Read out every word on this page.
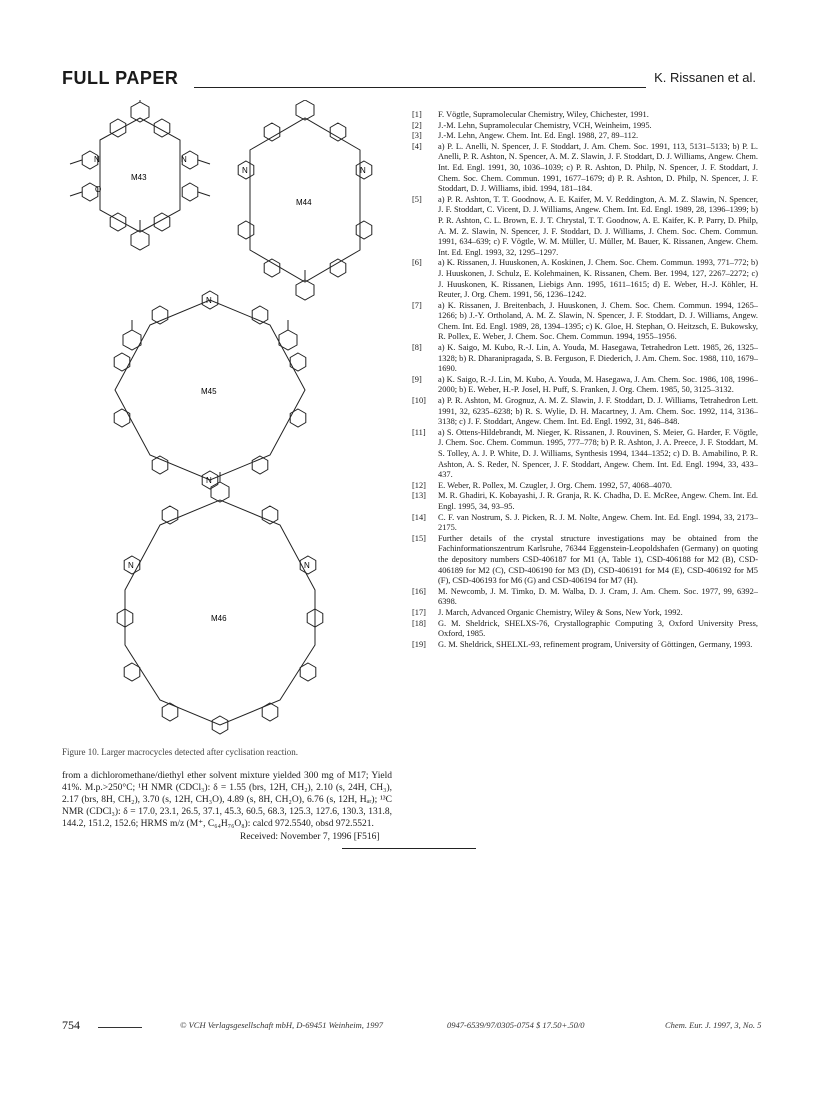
FULL PAPER	K. Rissanen et al.
N	N
O
M43
N	N
M44
N
N
M45
N	N
M46
Figure 10. Larger macrocycles detected after cyclisation reaction.
from a dichloromethane/diethyl ether solvent mixture yielded 300 mg of M17; Yield 41%. M.p.>250°C; ¹H NMR (CDCl₃): δ = 1.55 (brs, 12H, CH₂), 2.10 (s, 24H, CH₃), 2.17 (brs, 8H, CH₂), 3.70 (s, 12H, CH₃O), 4.89 (s, 8H, CH₂O), 6.76 (s, 12H, Hₐᵣ); ¹³C NMR (CDCl₃): δ = 17.0, 23.1, 26.5, 37.1, 45.3, 60.5, 68.3, 125.3, 127.6, 130.3, 131.8, 144.2, 151.2, 152.6; HRMS m/z (M⁺, C₆₄H₇₆O₈): calcd 972.5540, obsd 972.5521.
Received: November 7, 1996 [F516]
[1]	F. Vögtle, Supramolecular Chemistry, Wiley, Chichester, 1991.
[2]	J.-M. Lehn, Supramolecular Chemistry, VCH, Weinheim, 1995.
[3]	J.-M. Lehn, Angew. Chem. Int. Ed. Engl. 1988, 27, 89–112.
[4]	a) P. L. Anelli, N. Spencer, J. F. Stoddart, J. Am. Chem. Soc. 1991, 113, 5131–5133; b) P. L. Anelli, P. R. Ashton, N. Spencer, A. M. Z. Slawin, J. F. Stoddart, D. J. Williams, Angew. Chem. Int. Ed. Engl. 1991, 30, 1036–1039; c) P. R. Ashton, D. Philp, N. Spencer, J. F. Stoddart, J. Chem. Soc. Chem. Commun. 1991, 1677–1679; d) P. R. Ashton, D. Philp, N. Spencer, J. F. Stoddart, D. J. Williams, ibid. 1994, 181–184.
[5]	a) P. R. Ashton, T. T. Goodnow, A. E. Kaifer, M. V. Reddington, A. M. Z. Slawin, N. Spencer, J. F. Stoddart, C. Vicent, D. J. Williams, Angew. Chem. Int. Ed. Engl. 1989, 28, 1396–1399; b) P. R. Ashton, C. L. Brown, E. J. T. Chrystal, T. T. Goodnow, A. E. Kaifer, K. P. Parry, D. Philp, A. M. Z. Slawin, N. Spencer, J. F. Stoddart, D. J. Williams, J. Chem. Soc. Chem. Commun. 1991, 634–639; c) F. Vögtle, W. M. Müller, U. Müller, M. Bauer, K. Rissanen, Angew. Chem. Int. Ed. Engl. 1993, 32, 1295–1297.
[6]	a) K. Rissanen, J. Huuskonen, A. Koskinen, J. Chem. Soc. Chem. Commun. 1993, 771–772; b) J. Huuskonen, J. Schulz, E. Kolehmainen, K. Rissanen, Chem. Ber. 1994, 127, 2267–2272; c) J. Huuskonen, K. Rissanen, Liebigs Ann. 1995, 1611–1615; d) E. Weber, H.-J. Köhler, H. Reuter, J. Org. Chem. 1991, 56, 1236–1242.
[7]	a) K. Rissanen, J. Breitenbach, J. Huuskonen, J. Chem. Soc. Chem. Commun. 1994, 1265–1266; b) J.-Y. Ortholand, A. M. Z. Slawin, N. Spencer, J. F. Stoddart, D. J. Williams, Angew. Chem. Int. Ed. Engl. 1989, 28, 1394–1395; c) K. Gloe, H. Stephan, O. Heitzsch, E. Bukowsky, R. Pollex, E. Weber, J. Chem. Soc. Chem. Commun. 1994, 1955–1956.
[8]	a) K. Saigo, M. Kubo, R.-J. Lin, A. Youda, M. Hasegawa, Tetrahedron Lett. 1985, 26, 1325–1328; b) R. Dharanipragada, S. B. Ferguson, F. Diederich, J. Am. Chem. Soc. 1988, 110, 1679–1690.
[9]	a) K. Saigo, R.-J. Lin, M. Kubo, A. Youda, M. Hasegawa, J. Am. Chem. Soc. 1986, 108, 1996–2000; b) E. Weber, H.-P. Josel, H. Puff, S. Franken, J. Org. Chem. 1985, 50, 3125–3132.
[10]	a) P. R. Ashton, M. Grognuz, A. M. Z. Slawin, J. F. Stoddart, D. J. Williams, Tetrahedron Lett. 1991, 32, 6235–6238; b) R. S. Wylie, D. H. Macartney, J. Am. Chem. Soc. 1992, 114, 3136–3138; c) J. F. Stoddart, Angew. Chem. Int. Ed. Engl. 1992, 31, 846–848.
[11]	a) S. Ottens-Hildebrandt, M. Nieger, K. Rissanen, J. Rouvinen, S. Meier, G. Harder, F. Vögtle, J. Chem. Soc. Chem. Commun. 1995, 777–778; b) P. R. Ashton, J. A. Preece, J. F. Stoddart, M. S. Tolley, A. J. P. White, D. J. Williams, Synthesis 1994, 1344–1352; c) D. B. Amabilino, P. R. Ashton, A. S. Reder, N. Spencer, J. F. Stoddart, Angew. Chem. Int. Ed. Engl. 1994, 33, 433–437.
[12]	E. Weber, R. Pollex, M. Czugler, J. Org. Chem. 1992, 57, 4068–4070.
[13]	M. R. Ghadiri, K. Kobayashi, J. R. Granja, R. K. Chadha, D. E. McRee, Angew. Chem. Int. Ed. Engl. 1995, 34, 93–95.
[14]	C. F. van Nostrum, S. J. Picken, R. J. M. Nolte, Angew. Chem. Int. Ed. Engl. 1994, 33, 2173–2175.
[15]	Further details of the crystal structure investigations may be obtained from the Fachinformationszentrum Karlsruhe, 76344 Eggenstein-Leopoldshafen (Germany) on quoting the depository numbers CSD-406187 for M1 (A, Table 1), CSD-406188 for M2 (B), CSD-406189 for M2 (C), CSD-406190 for M3 (D), CSD-406191 for M4 (E), CSD-406192 for M5 (F), CSD-406193 for M6 (G) and CSD-406194 for M7 (H).
[16]	M. Newcomb, J. M. Timko, D. M. Walba, D. J. Cram, J. Am. Chem. Soc. 1977, 99, 6392–6398.
[17]	J. March, Advanced Organic Chemistry, Wiley & Sons, New York, 1992.
[18]	G. M. Sheldrick, SHELXS-76, Crystallographic Computing 3, Oxford University Press, Oxford, 1985.
[19]	G. M. Sheldrick, SHELXL-93, refinement program, University of Göttingen, Germany, 1993.
754	© VCH Verlagsgesellschaft mbH, D-69451 Weinheim, 1997	0947-6539/97/0305-0754 $ 17.50+.50/0	Chem. Eur. J. 1997, 3, No. 5
